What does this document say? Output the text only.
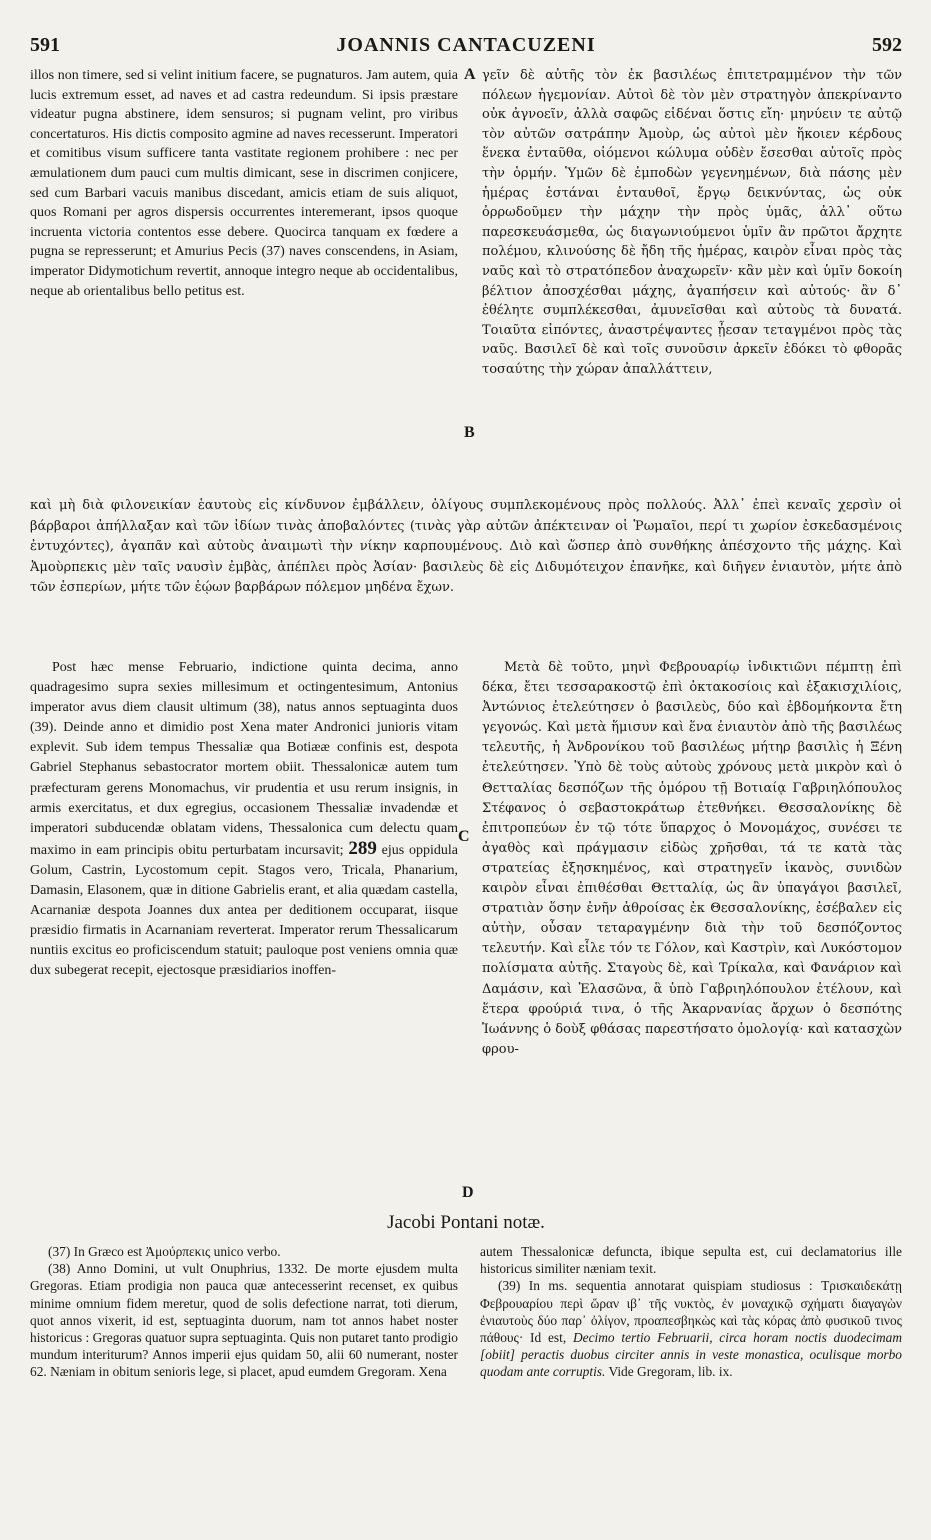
591	JOANNIS CANTACUZENI	592

illos non timere, sed si velint initium facere, se pugnaturos. Jam autem, quia lucis extremum esset, ad naves et ad castra redeundum. Si ipsis præstare videatur pugna abstinere, idem sensuros; si pugnam velint, pro viribus concertaturos. His dictis composito agmine ad naves recesserunt. Imperatori et comitibus visum sufficere tanta vastitate regionem prohibere : nec per æmulationem dum pauci cum multis dimicant, sese in discrimen conjicere, sed cum Barbari vacuis manibus discedant, amicis etiam de suis aliquot, quos Romani per agros dispersis occurrentes interemerant, ipsos quoque incruenta victoria contentos esse debere. Quocirca tanquam ex fœdere a pugna se represserunt; et Amurius Pecis (37) naves conscendens, in Asiam, imperator Didymotichum revertit, annoque integro neque ab occidentalibus, neque ab orientalibus bello petitus est.

A
B
C
D

γεῖν δὲ αὐτῆς τὸν ἐκ βασιλέως ἐπιτετραμμένον τὴν τῶν πόλεων ἡγεμονίαν. Αὐτοὶ δὲ τὸν μὲν στρατηγὸν ἀπεκρίναντο οὐκ ἀγνοεῖν, ἀλλὰ σαφῶς εἰδέναι ὅστις εἴη· μηνύειν τε αὐτῷ τὸν αὐτῶν σατράπην Ἀμοὺρ, ὡς αὐτοὶ μὲν ἥκοιεν κέρδους ἕνεκα ἐνταῦθα, οἰόμενοι κώλυμα οὐδὲν ἔσεσθαι αὐτοῖς πρὸς τὴν ὁρμήν. Ὑμῶν δὲ ἐμποδὼν γεγενημένων, διὰ πάσης μὲν ἡμέρας ἑστάναι ἐνταυθοῖ, ἔργῳ δεικνύντας, ὡς οὐκ ὀρρωδοῦμεν τὴν μάχην τὴν πρὸς ὑμᾶς, ἀλλ᾽ οὕτω παρεσκευάσμεθα, ὡς διαγωνιούμενοι ὑμῖν ἂν πρῶτοι ἄρχητε πολέμου, κλινούσης δὲ ἤδη τῆς ἡμέρας, καιρὸν εἶναι πρὸς τὰς ναῦς καὶ τὸ στρατόπεδον ἀναχωρεῖν· κἂν μὲν καὶ ὑμῖν δοκοίη βέλτιον ἀποσχέσθαι μάχης, ἀγαπήσειν καὶ αὐτούς· ἂν δ᾽ ἐθέλητε συμπλέκεσθαι, ἀμυνεῖσθαι καὶ αὐτοὺς τὰ δυνατά. Τοιαῦτα εἰπόντες, ἀναστρέψαντες ᾖεσαν τεταγμένοι πρὸς τὰς ναῦς. Βασιλεῖ δὲ καὶ τοῖς συνοῦσιν ἀρκεῖν ἐδόκει τὸ φθορᾶς τοσαύτης τὴν χώραν ἀπαλλάττειν,

καὶ μὴ διὰ φιλονεικίαν ἑαυτοὺς εἰς κίνδυνον ἐμβάλλειν, ὀλίγους συμπλεκομένους πρὸς πολλούς. Ἀλλ᾽ ἐπεὶ κεναῖς χερσὶν οἱ βάρβαροι ἀπήλλαξαν καὶ τῶν ἰδίων τινὰς ἀποβαλόντες (τινὰς γὰρ αὐτῶν ἀπέκτειναν οἱ Ῥωμαῖοι, περί τι χωρίον ἐσκεδασμένοις ἐντυχόντες), ἀγαπᾶν καὶ αὐτοὺς ἀναιμωτὶ τὴν νίκην καρπουμένους. Διὸ καὶ ὥσπερ ἀπὸ συνθήκης ἀπέσχοντο τῆς μάχης. Καὶ Ἀμοὺρπεκις μὲν ταῖς ναυσὶν ἐμβὰς, ἀπέπλει πρὸς Ἀσίαν· βασιλεὺς δὲ εἰς Διδυμότειχον ἐπανῆκε, καὶ διῆγεν ἐνιαυτὸν, μήτε ἀπὸ τῶν ἑσπερίων, μήτε τῶν ἑῴων βαρβάρων πόλεμον μηδένα ἔχων.

Post hæc mense Februario, indictione quinta decima, anno quadragesimo supra sexies millesimum et octingentesimum, Antonius imperator avus diem clausit ultimum (38), natus annos septuaginta duos (39). Deinde anno et dimidio post Xena mater Andronici junioris vitam explevit. Sub idem tempus Thessaliæ qua Botiææ confinis est, despota Gabriel Stephanus sebastocrator mortem obiit. Thessalonicæ autem tum præfecturam gerens Monomachus, vir prudentia et usu rerum insignis, in armis exercitatus, et dux egregius, occasionem Thessaliæ invadendæ et imperatori subducendæ oblatam videns, Thessalonica cum delectu quam maximo in eam principis obitu perturbatam incursavit; 289 ejus oppidula Golum, Castrin, Lycostomum cepit. Stagos vero, Tricala, Phanarium, Damasin, Elasonem, quæ in ditione Gabrielis erant, et alia quædam castella, Acarnaniæ despota Joannes dux antea per deditionem occuparat, iisque præsidio firmatis in Acarnaniam reverterat. Imperator rerum Thessalicarum nuntiis excitus eo proficiscendum statuit; pauloque post veniens omnia quæ dux subegerat recepit, ejectosque præsidiarios inoffen-

Μετὰ δὲ τοῦτο, μηνὶ Φεβρουαρίῳ ἰνδικτιῶνι πέμπτῃ ἐπὶ δέκα, ἔτει τεσσαρακοστῷ ἐπὶ ὀκτακοσίοις καὶ ἑξακισχιλίοις, Ἀντώνιος ἐτελεύτησεν ὁ βασιλεὺς, δύο καὶ ἑβδομήκοντα ἔτη γεγονώς. Καὶ μετὰ ἥμισυν καὶ ἕνα ἐνιαυτὸν ἀπὸ τῆς βασιλέως τελευτῆς, ἡ Ἀνδρονίκου τοῦ βασιλέως μήτηρ βασιλὶς ἡ Ξένη ἐτελεύτησεν. Ὑπὸ δὲ τοὺς αὐτοὺς χρόνους μετὰ μικρὸν καὶ ὁ Θετταλίας δεσπόζων τῆς ὁμόρου τῇ Βοτιαίᾳ Γαβριηλόπουλος Στέφανος ὁ σεβαστοκράτωρ ἐτεθνήκει. Θεσσαλονίκης δὲ ἐπιτροπεύων ἐν τῷ τότε ὕπαρχος ὁ Μονομάχος, συνέσει τε ἀγαθὸς καὶ πράγμασιν εἰδὼς χρῆσθαι, τά τε κατὰ τὰς στρατείας ἐξησκημένος, καὶ στρατηγεῖν ἱκανὸς, συνιδὼν καιρὸν εἶναι ἐπιθέσθαι Θετταλίᾳ, ὡς ἂν ὑπαγάγοι βασιλεῖ, στρατιὰν ὅσην ἐνῆν ἀθροίσας ἐκ Θεσσαλονίκης, ἐσέβαλεν εἰς αὐτὴν, οὖσαν τεταραγμένην διὰ τὴν τοῦ δεσπόζοντος τελευτήν. Καὶ εἷλε τόν τε Γόλον, καὶ Καστρὶν, καὶ Λυκόστομον πολίσματα αὐτῆς. Σταγοὺς δὲ, καὶ Τρίκαλα, καὶ Φανάριον καὶ Δαμάσιν, καὶ Ἐλασῶνα, ἃ ὑπὸ Γαβριηλόπουλον ἐτέλουν, καὶ ἕτερα φρούριά τινα, ὁ τῆς Ἀκαρνανίας ἄρχων ὁ δεσπότης Ἰωάννης ὁ δοὺξ φθάσας παρεστήσατο ὁμολογίᾳ· καὶ κατασχὼν φρου-

Jacobi Pontani notæ.

(37) In Græco est Ἀμούρπεκις unico verbo.

(38) Anno Domini, ut vult Onuphrius, 1332. De morte ejusdem multa Gregoras. Etiam prodigia non pauca quæ antecesserint recenset, ex quibus minime omnium fidem meretur, quod de solis defectione narrat, toti dierum, quot annos vixerit, id est, septuaginta duorum, nam tot annos habet noster historicus : Gregoras quatuor supra septuaginta. Quis non putaret tanto prodigio mundum interiturum? Annos imperii ejus quidam 50, alii 60 numerant, noster 62. Næniam in obitum senioris lege, si placet, apud eumdem Gregoram. Xena

autem Thessalonicæ defuncta, ibique sepulta est, cui declamatorius ille historicus similiter næniam texit.

(39) In ms. sequentia annotarat quispiam studiosus : Τρισκαιδεκάτῃ Φεβρουαρίου περὶ ὥραν ιβ᾽ τῆς νυκτὸς, ἐν μοναχικῷ σχήματι διαγαγὼν ἐνιαυτοὺς δύο παρ᾽ ὀλίγον, προαπεσβηκὼς καὶ τὰς κόρας ἀπὸ φυσικοῦ τινος πάθους· Id est, Decimo tertio Februarii, circa horam noctis duodecimam [obiit] peractis duobus circiter annis in veste monastica, oculisque morbo quodam ante corruptis. Vide Gregoram, lib. ix.
